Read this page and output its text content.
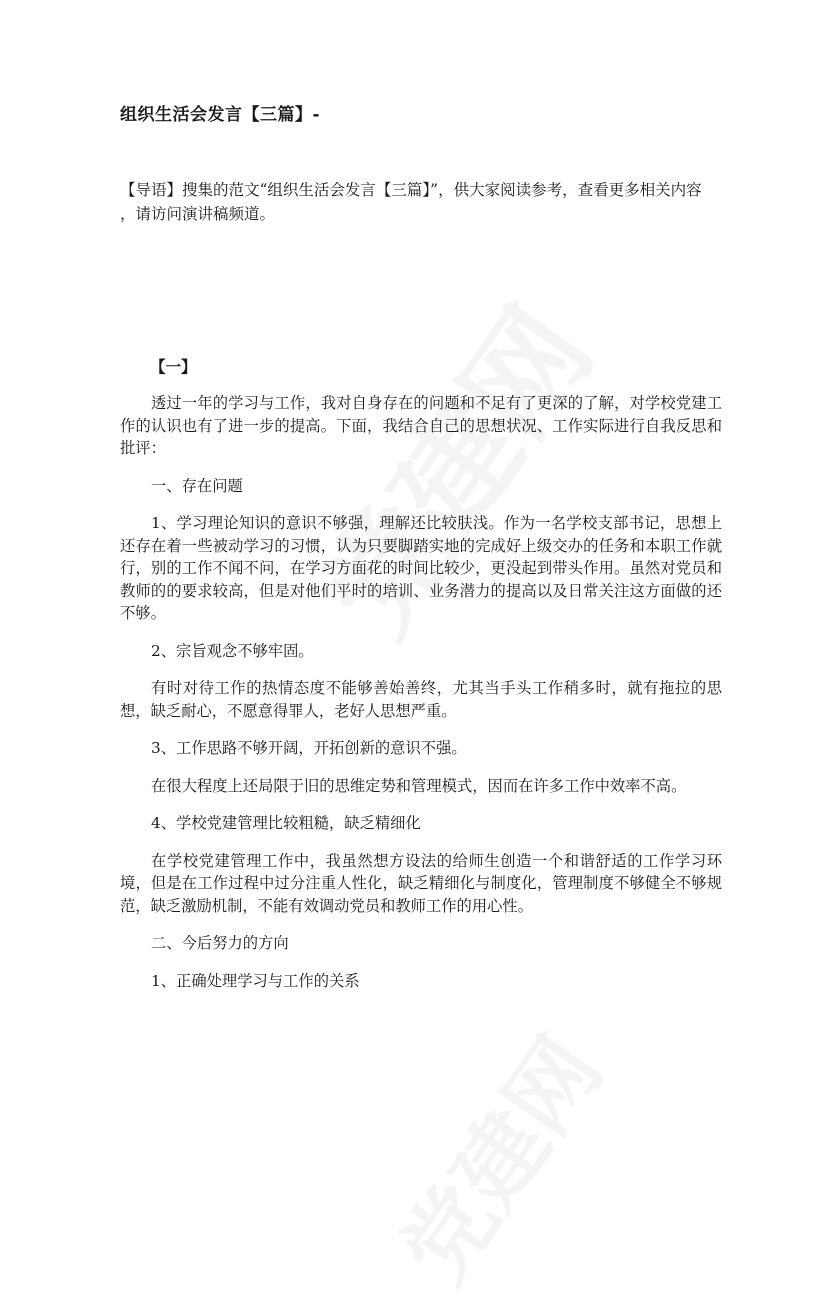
组织生活会发言【三篇】-
【导语】搜集的范文“组织生活会发言【三篇】”，供大家阅读参考，查看更多相关内容 ，请访问演讲稿频道。
【一】

透过一年的学习与工作，我对自身存在的问题和不足有了更深的了解，对学校党建工作的认识也有了进一步的提高。下面，我结合自己的思想状况、工作实际进行自我反思和批评：

一、存在问题

1、学习理论知识的意识不够强，理解还比较肤浅。作为一名学校支部书记，思想上还存在着一些被动学习的习惯，认为只要脚踏实地的完成好上级交办的任务和本职工作就行，别的工作不闻不问，在学习方面花的时间比较少，更没起到带头作用。虽然对党员和教师的的要求较高，但是对他们平时的培训、业务潜力的提高以及日常关注这方面做的还不够。

2、宗旨观念不够牢固。

有时对待工作的热情态度不能够善始善终，尤其当手头工作稍多时，就有拖拉的思想，缺乏耐心，不愿意得罪人，老好人思想严重。

3、工作思路不够开阔，开拓创新的意识不强。

在很大程度上还局限于旧的思维定势和管理模式，因而在许多工作中效率不高。

4、学校党建管理比较粗糙，缺乏精细化

在学校党建管理工作中，我虽然想方设法的给师生创造一个和谐舒适的工作学习环境，但是在工作过程中过分注重人性化，缺乏精细化与制度化，管理制度不够健全不够规范，缺乏激励机制，不能有效调动党员和教师工作的用心性。

二、今后努力的方向

1、正确处理学习与工作的关系
